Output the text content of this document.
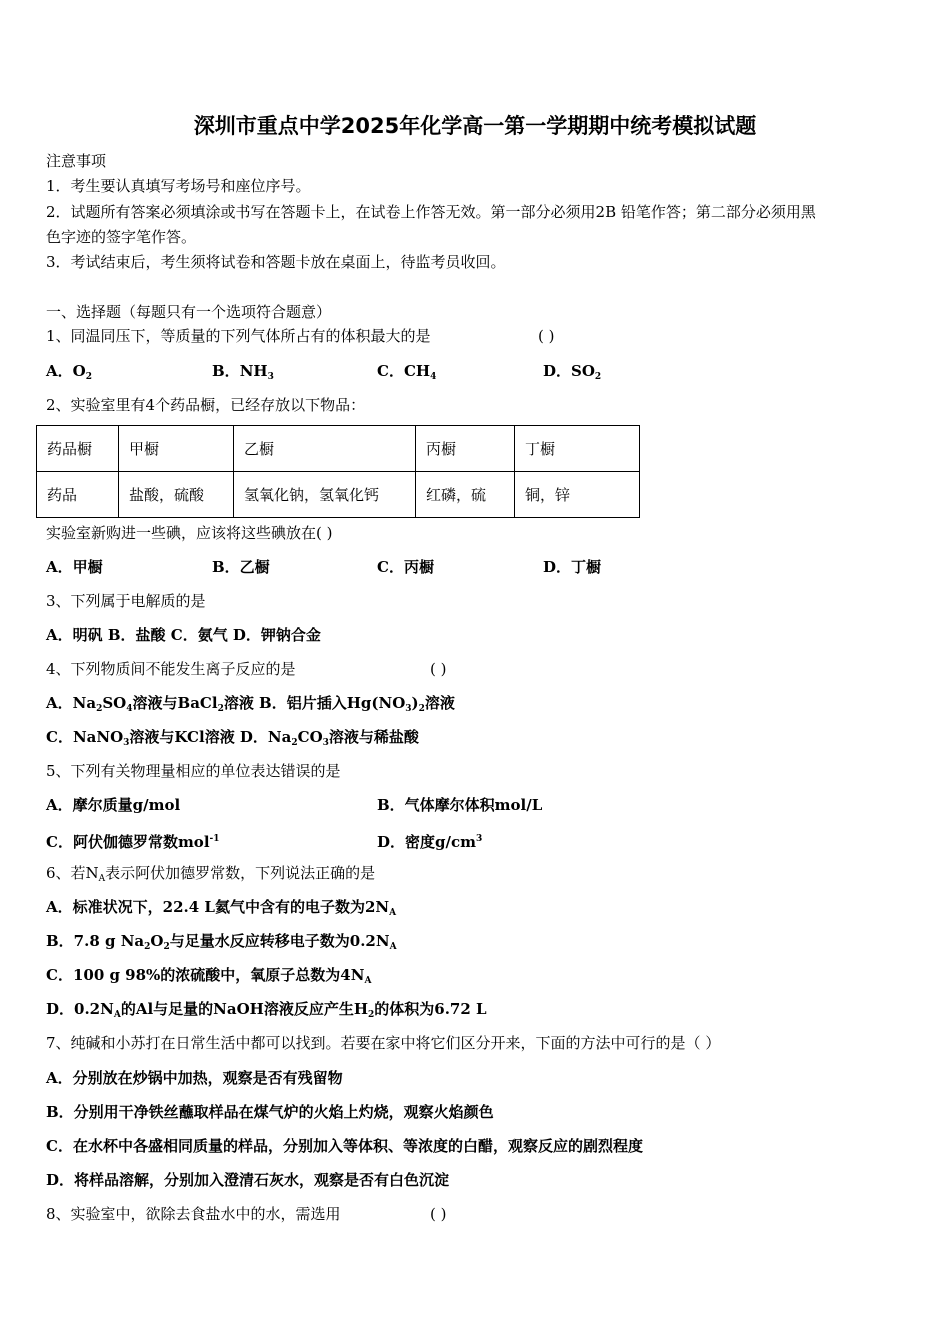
深圳市重点中学2025年化学高一第一学期期中统考模拟试题
注意事项
1．考生要认真填写考场号和座位序号。
2．试题所有答案必须填涂或书写在答题卡上，在试卷上作答无效。第一部分必须用2B 铅笔作答；第二部分必须用黑
色字迹的签字笔作答。
3．考试结束后，考生须将试卷和答题卡放在桌面上，待监考员收回。
一、选择题（每题只有一个选项符合题意）
1、同温同压下，等质量的下列气体所占有的体积最大的是	( )
A．$O_2$	B．$NH_3$	C．$CH_4$	D．$SO_2$
2、实验室里有4个药品橱，已经存放以下物品：
药品橱	甲橱	乙橱	丙橱	丁橱
药品	盐酸，硫酸	氢氧化钠，氢氧化钙	红磷，硫	铜，锌
实验室新购进一些碘，应该将这些碘放在( )
A．甲橱	B．乙橱	C．丙橱	D．丁橱
3、下列属于电解质的是
A．明矾 B．盐酸 C．氨气 D．钾钠合金
4、下列物质间不能发生离子反应的是	( )
A．$Na_2SO_4$溶液与BaCl$_2$溶液 B．铝片插入$Hg(NO_3)_2$溶液
C．NaNO$_3$溶液与KCl溶液 D．$Na_2CO_3$溶液与稀盐酸
5、下列有关物理量相应的单位表达错误的是
A．摩尔质量g/mol	B．气体摩尔体积mol/L
C．阿伏伽德罗常数mol$^{-1}$	D．密度$g/cm^3$
6、若$N_A$表示阿伏加德罗常数，下列说法正确的是
A．标准状况下，22.4 L氦气中含有的电子数为$2N_A$
B．7.8 g $Na_2O_2$与足量水反应转移电子数为$0.2N_A$
C．100 g 98%的浓硫酸中，氧原子总数为$4N_A$
D．$0.2N_A$的Al与足量的NaOH溶液反应产生$H_2$的体积为6.72 L
7、纯碱和小苏打在日常生活中都可以找到。若要在家中将它们区分开来，下面的方法中可行的是（ ）
A．分别放在炒锅中加热，观察是否有残留物
B．分别用干净铁丝蘸取样品在煤气炉的火焰上灼烧，观察火焰颜色
C．在水杯中各盛相同质量的样品，分别加入等体积、等浓度的白醋，观察反应的剧烈程度
D．将样品溶解，分别加入澄清石灰水，观察是否有白色沉淀
8、实验室中，欲除去食盐水中的水，需选用	( )
